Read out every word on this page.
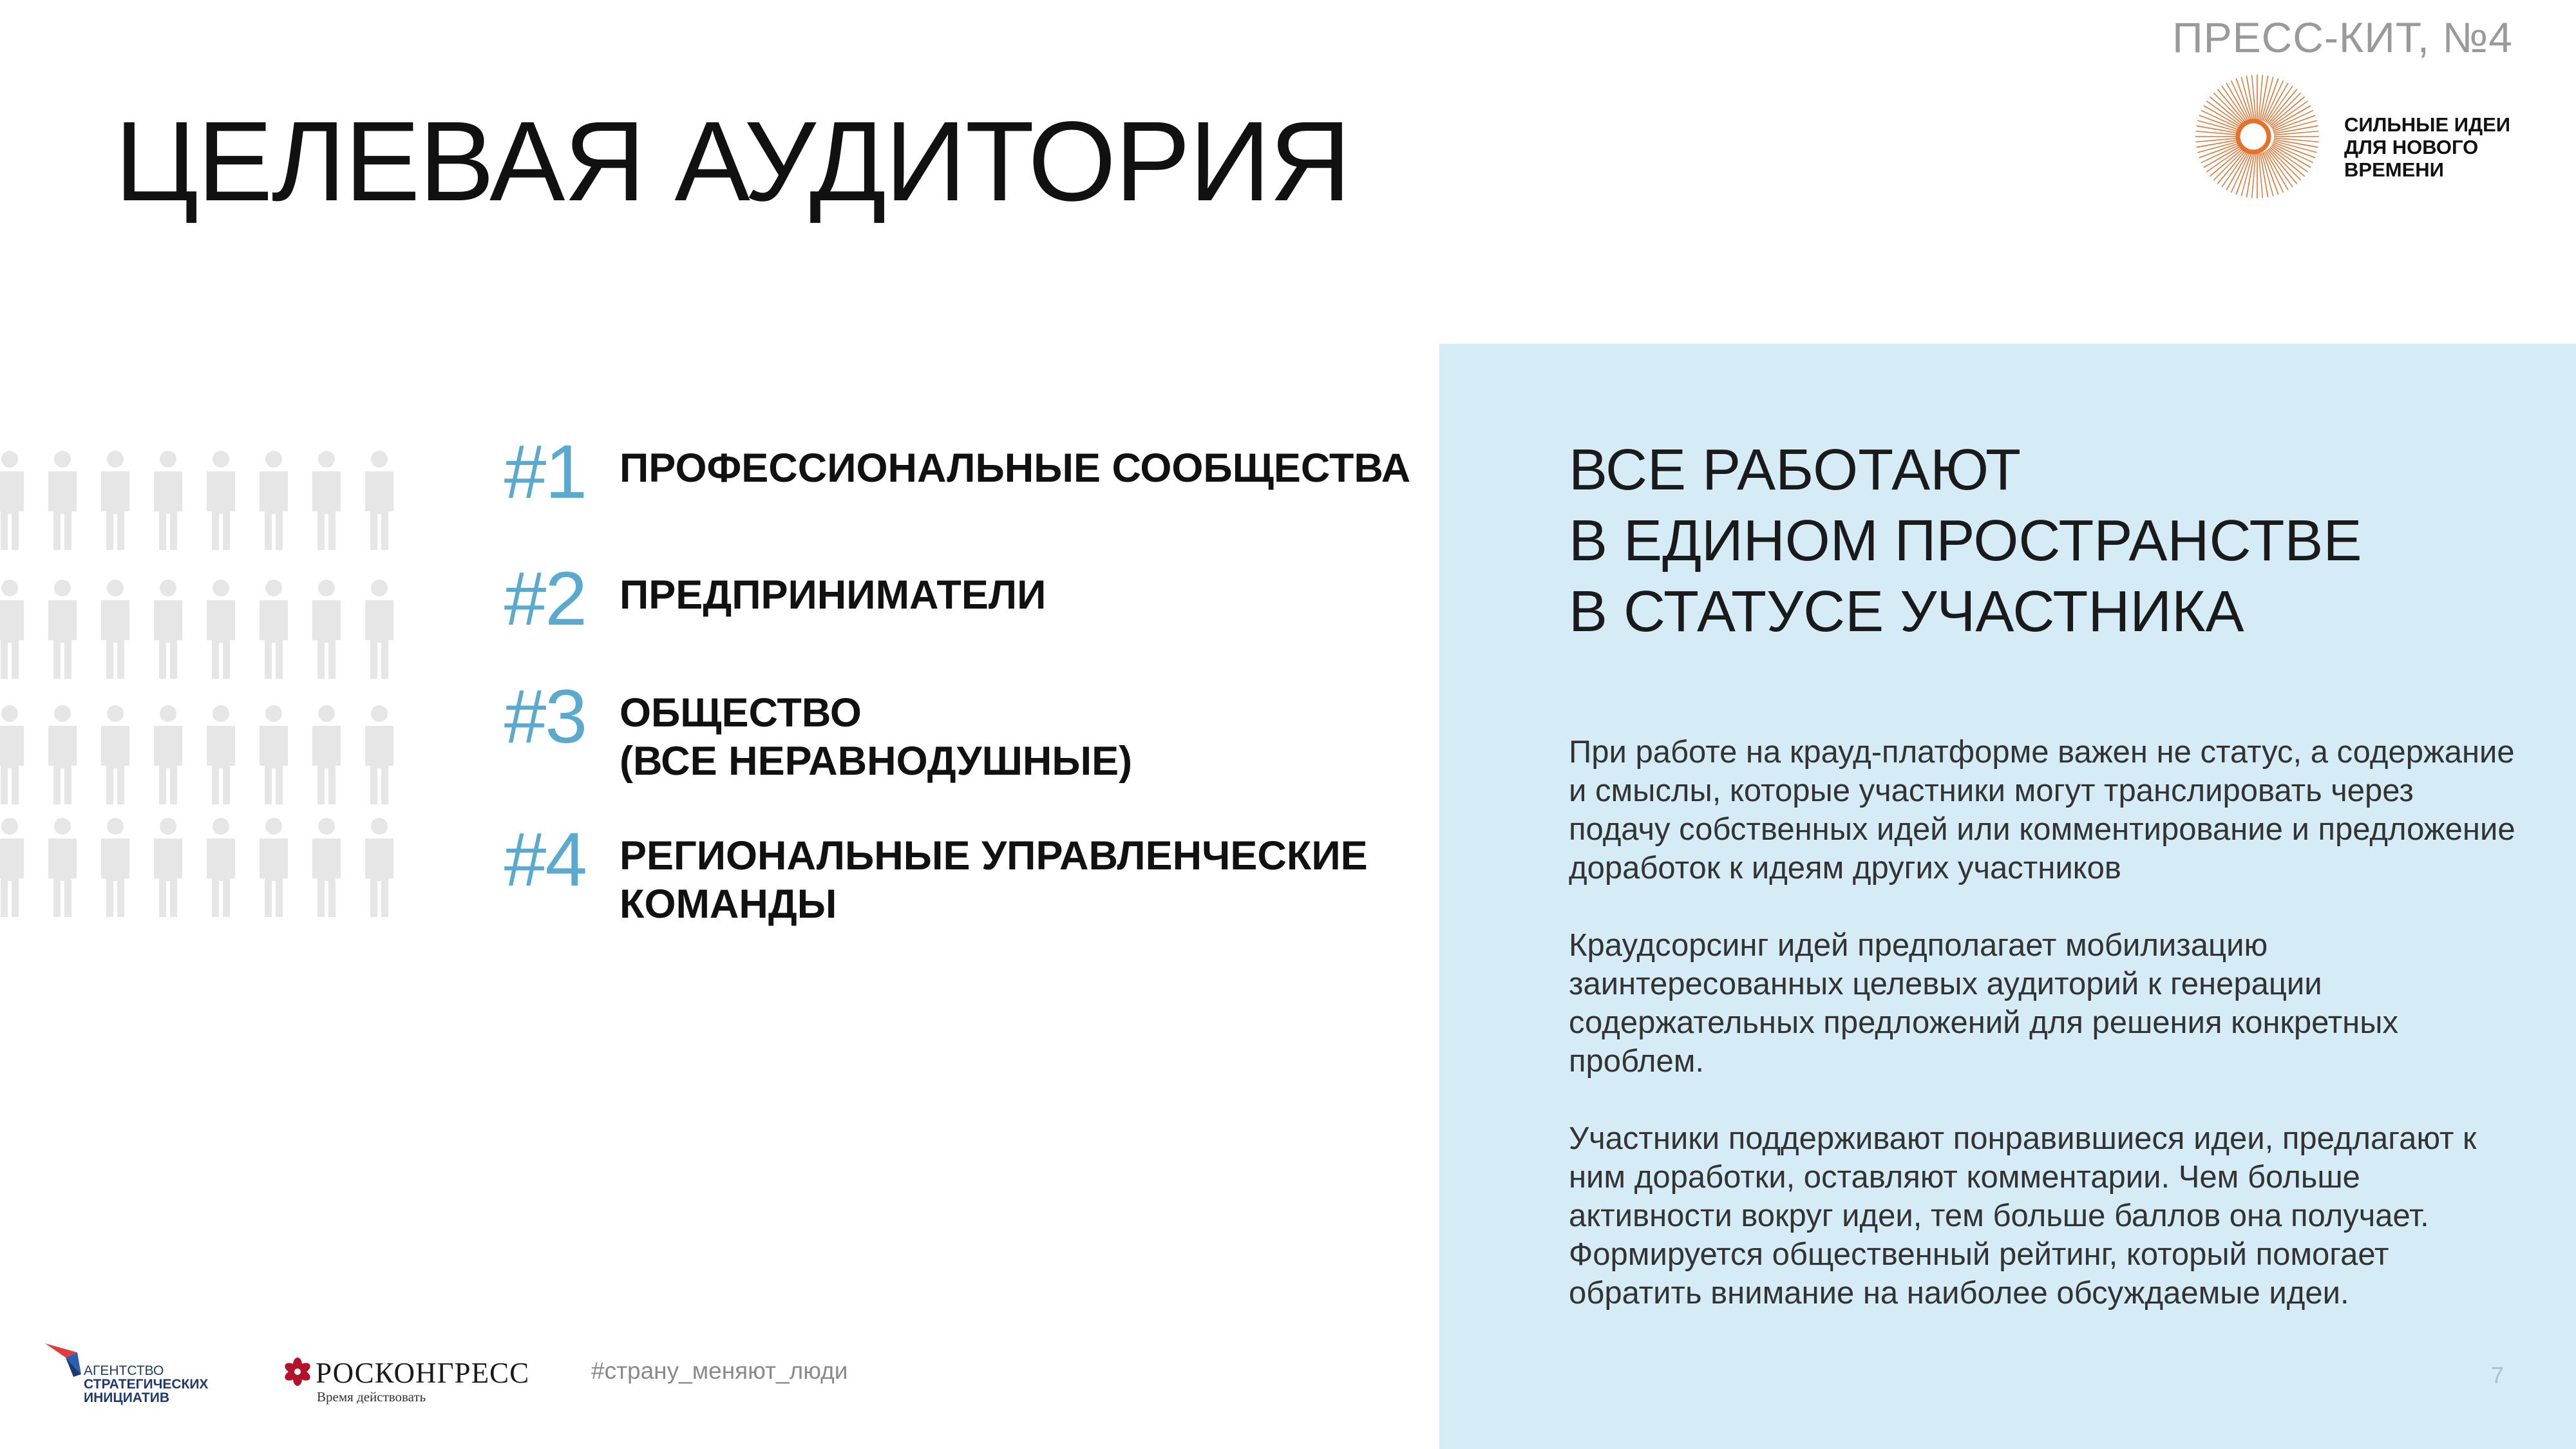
ПРЕСС-КИТ, №4
ЦЕЛЕВАЯ АУДИТОРИЯ	СИЛЬНЫЕ ИДЕИ
ДЛЯ НОВОГО
ВРЕМЕНИ
#1 ПРОФЕССИОНАЛЬНЫЕ СООБЩЕСТВА
#2 ПРЕДПРИНИМАТЕЛИ
#3 ОБЩЕСТВО
(ВСЕ НЕРАВНОДУШНЫЕ)
#4 РЕГИОНАЛЬНЫЕ УПРАВЛЕНЧЕСКИЕ
КОМАНДЫ
ВСЕ РАБОТАЮТ
В ЕДИНОМ ПРОСТРАНСТВЕ
В СТАТУСЕ УЧАСТНИКА

При работе на крауд-платформе важен не статус, а содержание и смыслы, которые участники могут транслировать через подачу собственных идей или комментирование и предложение доработок к идеям других участников

Краудсорсинг идей предполагает мобилизацию заинтересованных целевых аудиторий к генерации содержательных предложений для решения конкретных проблем.

Участники поддерживают понравившиеся идеи, предлагают к ним доработки, оставляют комментарии. Чем больше активности вокруг идеи, тем больше баллов она получает. Формируется общественный рейтинг, который помогает обратить внимание на наиболее обсуждаемые идеи.

7
АГЕНТСТВО
СТРАТЕГИЧЕСКИХ
ИНИЦИАТИВ
РОСКОНГРЕСС
Время действовать
#страну_меняют_люди
